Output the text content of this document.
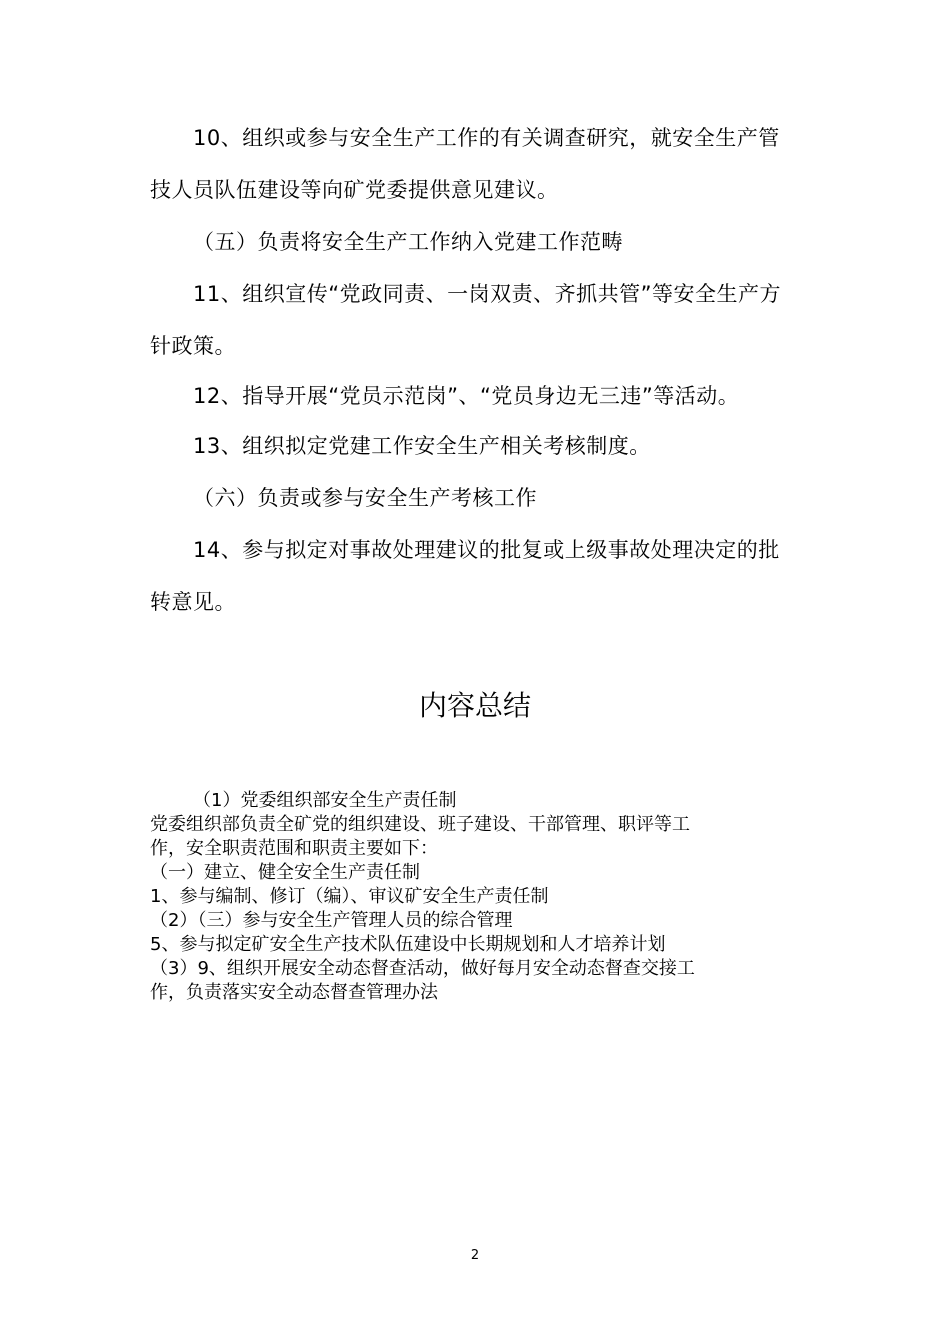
10、组织或参与安全生产工作的有关调查研究，就安全生产管
技人员队伍建设等向矿党委提供意见建议。
（五）负责将安全生产工作纳入党建工作范畴
11、组织宣传“党政同责、一岗双责、齐抓共管”等安全生产方
针政策。
12、指导开展“党员示范岗”、“党员身边无三违”等活动。
13、组织拟定党建工作安全生产相关考核制度。
（六）负责或参与安全生产考核工作
14、参与拟定对事故处理建议的批复或上级事故处理决定的批
转意见。
内容总结
（1）党委组织部安全生产责任制
党委组织部负责全矿党的组织建设、班子建设、干部管理、职评等工
作，安全职责范围和职责主要如下：
（一）建立、健全安全生产责任制
1、参与编制、修订（编）、审议矿安全生产责任制
（2）（三）参与安全生产管理人员的综合管理
5、参与拟定矿安全生产技术队伍建设中长期规划和人才培养计划
（3）9、组织开展安全动态督查活动，做好每月安全动态督查交接工
作，负责落实安全动态督查管理办法
2
